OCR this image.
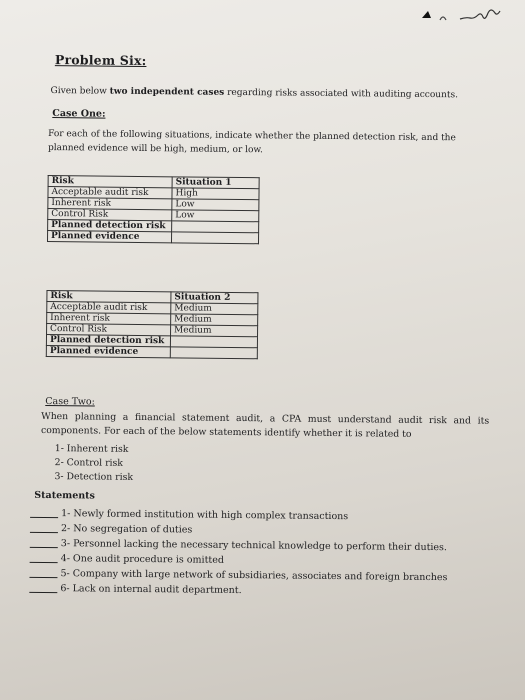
Problem Six:
Given below two independent cases regarding risks associated with auditing accounts.
Case One:
For each of the following situations, indicate whether the planned detection risk, and the planned evidence will be high, medium, or low.
Risk	Situation 1
Acceptable audit risk	High
Inherent risk	Low
Control Risk	Low
Planned detection risk	
Planned evidence	
Risk	Situation 2
Acceptable audit risk	Medium
Inherent risk	Medium
Control Risk	Medium
Planned detection risk	
Planned evidence	
Case Two:
When planning a financial statement audit, a CPA must understand audit risk and its components. For each of the below statements identify whether it is related to
1- Inherent risk
2- Control risk
3- Detection risk
Statements
1- Newly formed institution with high complex transactions
2- No segregation of duties
3- Personnel lacking the necessary technical knowledge to perform their duties.
4- One audit procedure is omitted
5- Company with large network of subsidiaries, associates and foreign branches
6- Lack on internal audit department.
